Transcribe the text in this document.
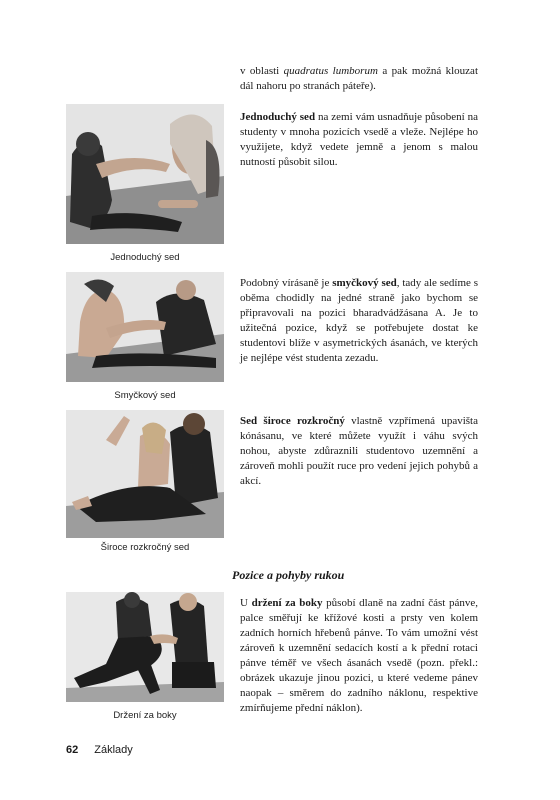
v oblasti quadratus lumborum a pak možná klouzat dál nahoru po stranách páteře).

Jednoduchý sed na zemi vám usnadňuje působení na studenty v mnoha pozicích vsedě a vleže. Nejlépe ho využijete, když vedete jemně a jenom s malou nutností působit silou.

Podobný vírásaně je smyčkový sed, tady ale sedíme s oběma chodidly na jedné straně jako bychom se připravovali na pozici bharadvádžásana A. Je to užitečná pozice, když se potřebujete dostat ke studentovi blíže v asymetrických ásanách, ve kterých je nejlépe vést studenta zezadu.

Sed široce rozkročný vlastně vzpřímená upavišta kónásanu, ve které můžete využít i váhu svých nohou, abyste zdůraznili studentovo uzemnění a zároveň mohli použít ruce pro vedení jejich pohybů a akcí.

Pozice a pohyby rukou

U držení za boky působí dlaně na zadní část pánve, palce směřují ke křížové kosti a prsty ven kolem zadních horních hřebenů pánve. To vám umožní vést zároveň k uzemnění sedacích kostí a k přední rotaci pánve téměř ve všech ásanách vsedě (pozn. překl.: obrázek ukazuje jinou pozici, u které vedeme pánev naopak – směrem do zadního náklonu, respektive zmírňujeme přední náklon).

Jednoduchý sed
Smyčkový sed
Široce rozkročný sed
Držení za boky
62 Základy
